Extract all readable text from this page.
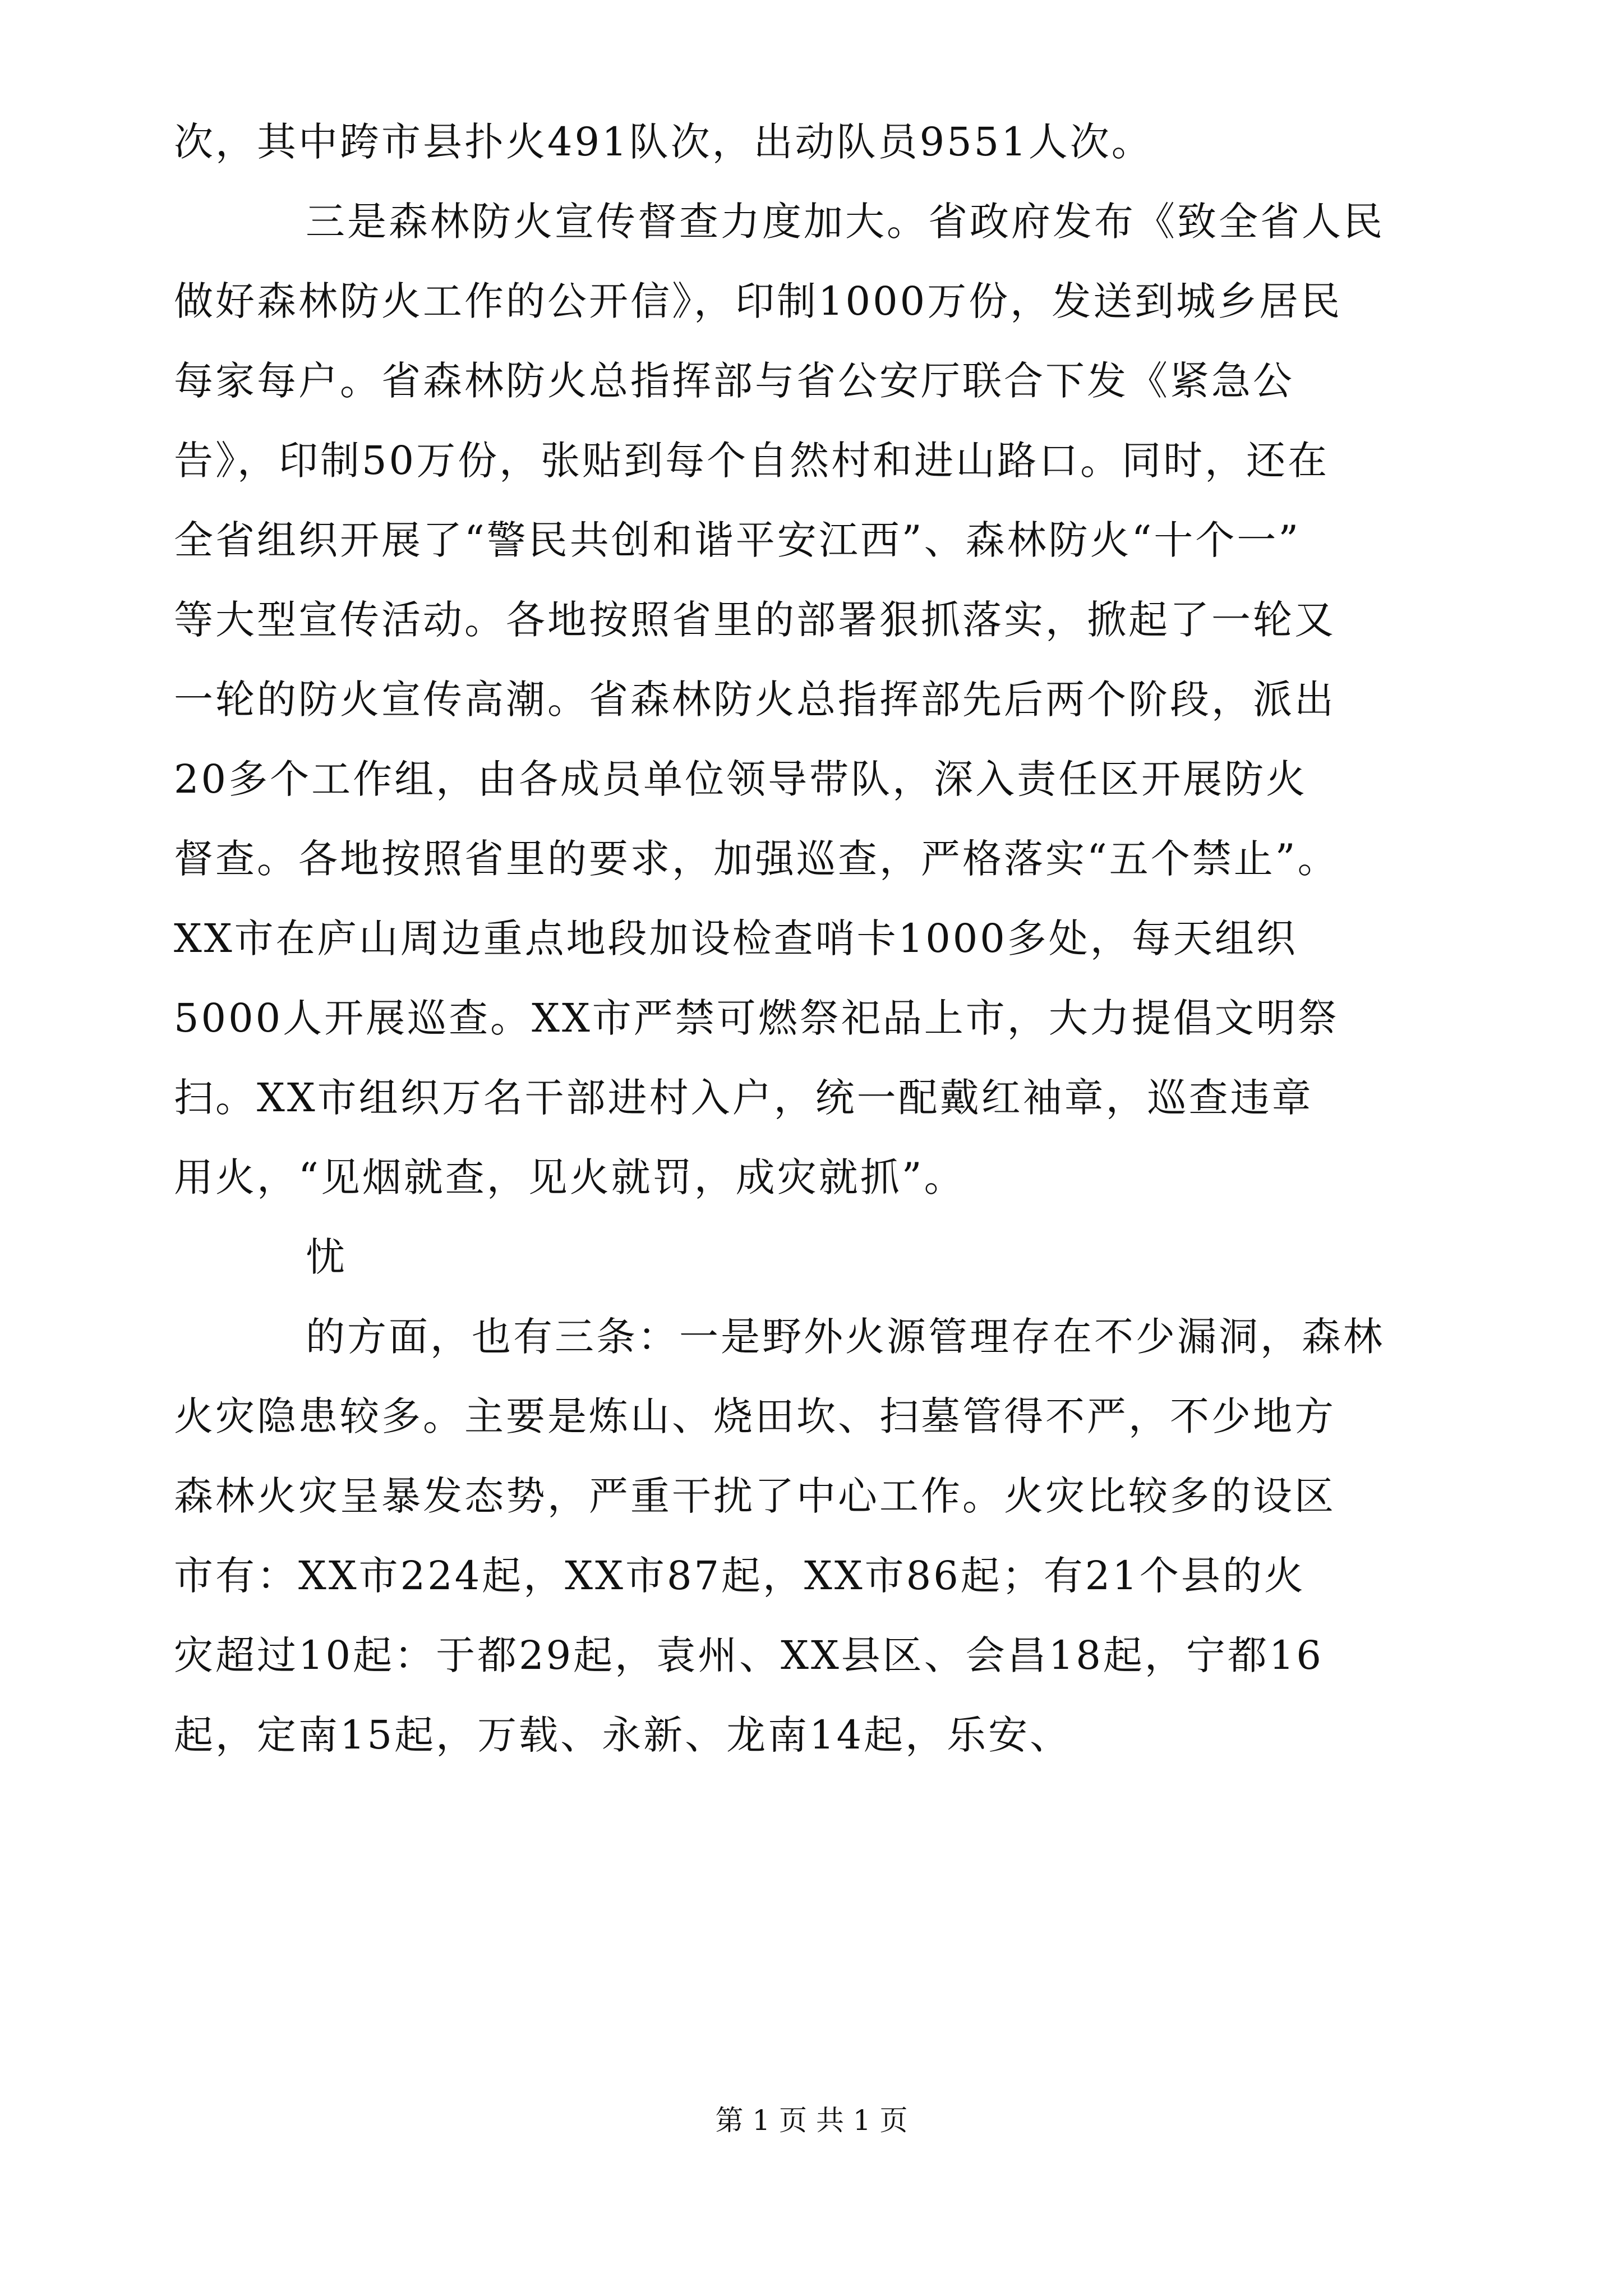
次，其中跨市县扑火491队次，出动队员9551人次。
三是森林防火宣传督查力度加大。省政府发布《致全省人民
做好森林防火工作的公开信》，印制1000万份，发送到城乡居民
每家每户。省森林防火总指挥部与省公安厅联合下发《紧急公
告》，印制50万份，张贴到每个自然村和进山路口。同时，还在
全省组织开展了“警民共创和谐平安江西”、森林防火“十个一”
等大型宣传活动。各地按照省里的部署狠抓落实，掀起了一轮又
一轮的防火宣传高潮。省森林防火总指挥部先后两个阶段，派出
20多个工作组，由各成员单位领导带队，深入责任区开展防火
督查。各地按照省里的要求，加强巡查，严格落实“五个禁止”。
XX市在庐山周边重点地段加设检查哨卡1000多处，每天组织
5000人开展巡查。XX市严禁可燃祭祀品上市，大力提倡文明祭
扫。XX市组织万名干部进村入户，统一配戴红袖章，巡查违章
用火，“见烟就查，见火就罚，成灾就抓”。
忧
的方面，也有三条：一是野外火源管理存在不少漏洞，森林
火灾隐患较多。主要是炼山、烧田坎、扫墓管得不严，不少地方
森林火灾呈暴发态势，严重干扰了中心工作。火灾比较多的设区
市有：XX市224起，XX市87起，XX市86起；有21个县的火
灾超过10起：于都29起，袁州、XX县区、会昌18起，宁都16
起，定南15起，万载、永新、龙南14起，乐安、
第 1 页 共 1 页
